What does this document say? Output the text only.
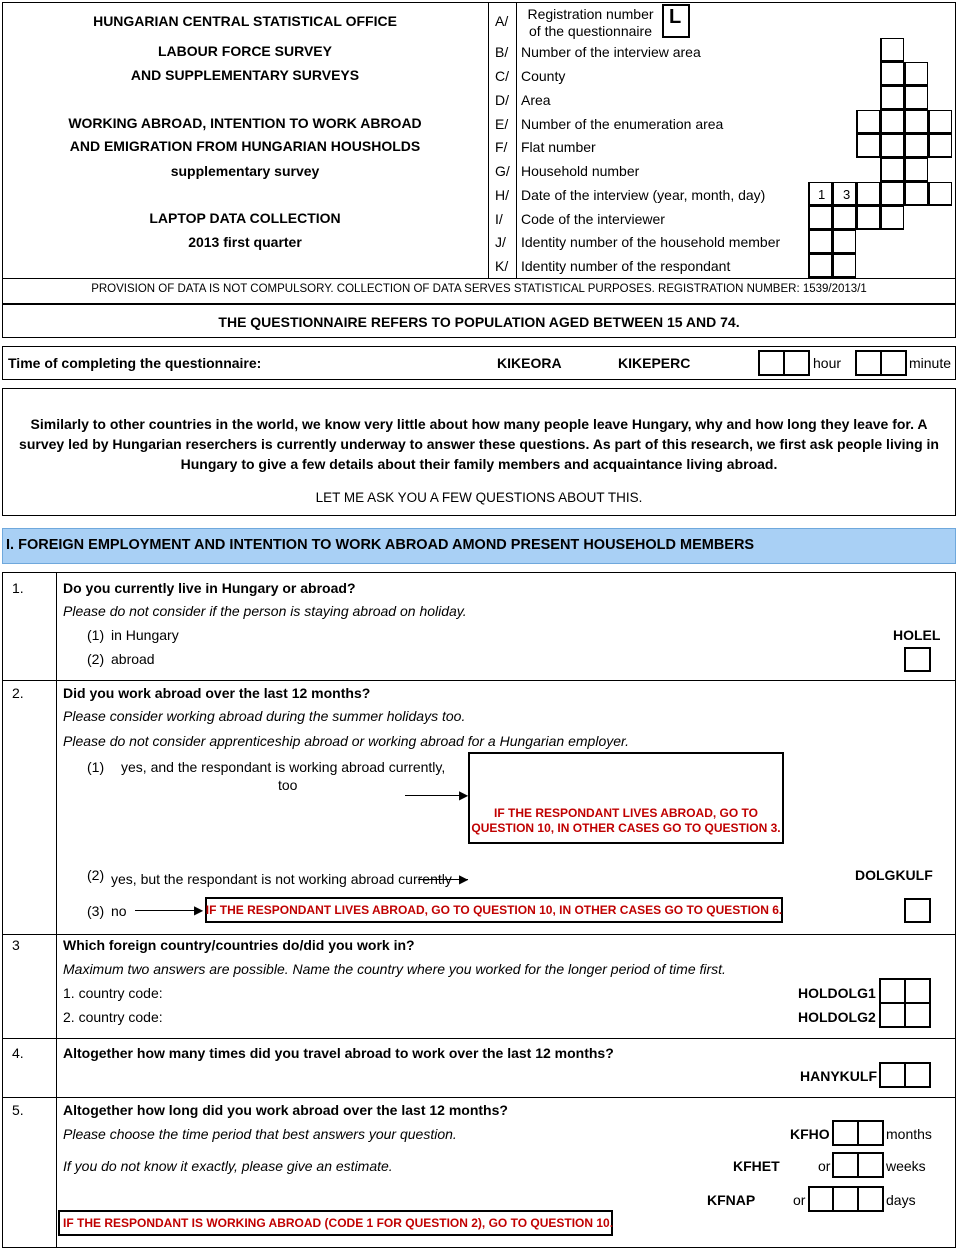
HUNGARIAN CENTRAL STATISTICAL OFFICE
LABOUR FORCE SURVEY
AND SUPPLEMENTARY SURVEYS
WORKING ABROAD, INTENTION TO WORK ABROAD
AND EMIGRATION FROM HUNGARIAN HOUSHOLDS
supplementary survey
LAPTOP DATA COLLECTION
2013 first quarter
A/	Registration number
of the questionnaire
L
B/ Number of the interview area
C/ County
D/ Area
E/ Number of the enumeration area
F/ Flat number
G/ Household number
H/ Date of the interview (year, month, day)	1 3
I/ Code of the interviewer
J/ Identity number of the household member
K/ Identity number of the respondant
PROVISION OF DATA IS NOT COMPULSORY. COLLECTION OF DATA SERVES STATISTICAL PURPOSES. REGISTRATION NUMBER: 1539/2013/1
THE QUESTIONNAIRE REFERS TO POPULATION AGED BETWEEN 15 AND 74.
Time of completing the questionnaire:	KIKEORA	KIKEPERC	hour	minute
Similarly to other countries in the world, we know very little about how many people leave Hungary, why and how long they leave for. A survey led by Hungarian reserchers is currently underway to answer these questions. As part of this research, we first ask people living in Hungary to give a few details about their family members and acquaintance living abroad.
LET ME ASK YOU A FEW QUESTIONS ABOUT THIS.
I. FOREIGN EMPLOYMENT AND INTENTION TO WORK ABROAD AMOND PRESENT HOUSEHOLD MEMBERS
1.	Do you currently live in Hungary or abroad?
Please do not consider if the person is staying abroad on holiday.
(1) in Hungary
(2) abroad
HOLEL
2.	Did you work abroad over the last 12 months?
Please consider working abroad during the summer holidays too.
Please do not consider apprenticeship abroad or working abroad for a Hungarian employer.
(1) yes, and the respondant is working abroad currently,
too
IF THE RESPONDANT LIVES ABROAD, GO TO
QUESTION 10, IN OTHER CASES GO TO QUESTION 3.
▶
(2) yes, but the respondant is not working abroad currently ▶	DOLGKULF
(3) no	▶ IF THE RESPONDANT LIVES ABROAD, GO TO QUESTION 10, IN OTHER CASES GO TO QUESTION 6.
3	Which foreign country/countries do/did you work in?
Maximum two answers are possible. Name the country where you worked for the longer period of time first.
1. country code:	HOLDOLG1
2. country code:	HOLDOLG2
4.	Altogether how many times did you travel abroad to work over the last 12 months?
HANYKULF
5.	Altogether how long did you work abroad over the last 12 months?
Please choose the time period that best answers your question.	KFHO	months
If you do not know it exactly, please give an estimate.	KFHET	or	weeks
KFNAP	or	days
IF THE RESPONDANT IS WORKING ABROAD (CODE 1 FOR QUESTION 2), GO TO QUESTION 10.
